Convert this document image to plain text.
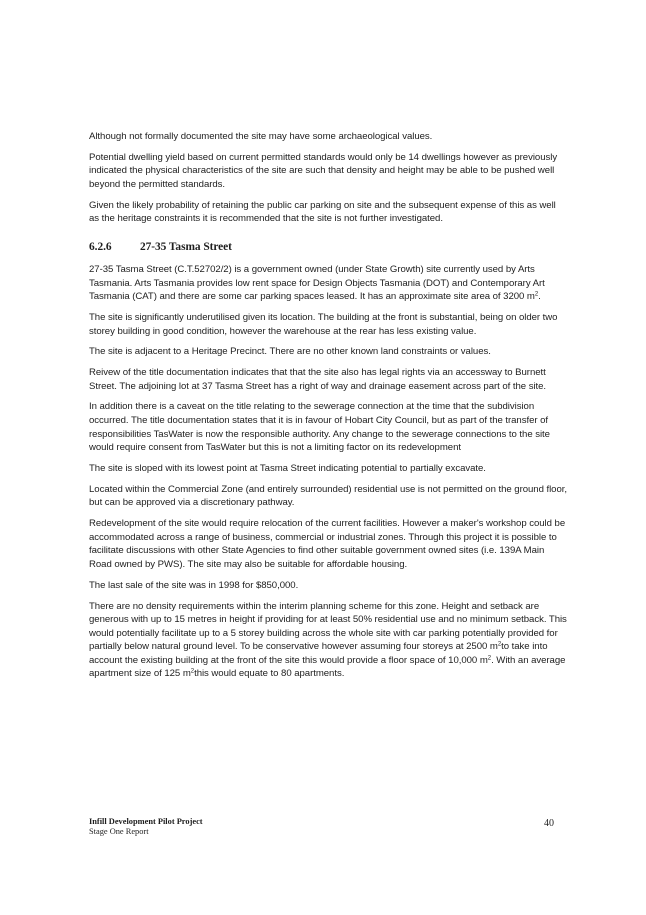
Although not formally documented the site may have some archaeological values.

Potential dwelling yield based on current permitted standards would only be 14 dwellings however as previously indicated the physical characteristics of the site are such that density and height may be able to be pushed well beyond the permitted standards.

Given the likely probability of retaining the public car parking on site and the subsequent expense of this as well as the heritage constraints it is recommended that the site is not further investigated.

6.2.6 27-35 Tasma Street

27-35 Tasma Street (C.T.52702/2) is a government owned (under State Growth) site currently used by Arts Tasmania. Arts Tasmania provides low rent space for Design Objects Tasmania (DOT) and Contemporary Art Tasmania (CAT) and there are some car parking spaces leased. It has an approximate site area of 3200 $m^2$.

The site is significantly underutilised given its location. The building at the front is substantial, being on older two storey building in good condition, however the warehouse at the rear has less existing value.

The site is adjacent to a Heritage Precinct. There are no other known land constraints or values.

Reivew of the title documentation indicates that that the site also has legal rights via an accessway to Burnett Street. The adjoining lot at 37 Tasma Street has a right of way and drainage easement across part of the site.

In addition there is a caveat on the title relating to the sewerage connection at the time that the subdivision occurred. The title documentation states that it is in favour of Hobart City Council, but as part of the transfer of responsibilities TasWater is now the responsible authority. Any change to the sewerage connections to the site would require consent from TasWater but this is not a limiting factor on its redevelopment

The site is sloped with its lowest point at Tasma Street indicating potential to partially excavate.

Located within the Commercial Zone (and entirely surrounded) residential use is not permitted on the ground floor, but can be approved via a discretionary pathway.

Redevelopment of the site would require relocation of the current facilities. However a maker's workshop could be accommodated across a range of business, commercial or industrial zones. Through this project it is possible to facilitate discussions with other State Agencies to find other suitable government owned sites (i.e. 139A Main Road owned by PWS). The site may also be suitable for affordable housing.

The last sale of the site was in 1998 for $850,000.

There are no density requirements within the interim planning scheme for this zone. Height and setback are generous with up to 15 metres in height if providing for at least 50% residential use and no minimum setback. This would potentially facilitate up to a 5 storey building across the whole site with car parking potentially provided for partially below natural ground level. To be conservative however assuming four storeys at 2500 $m^2to$ take into account the existing building at the front of the site this would provide a floor space of 10,000 $m^2$. With an average apartment size of 125 $m^2this$ would equate to 80 apartments.

Infill Development Pilot Project
Stage One Report
40
